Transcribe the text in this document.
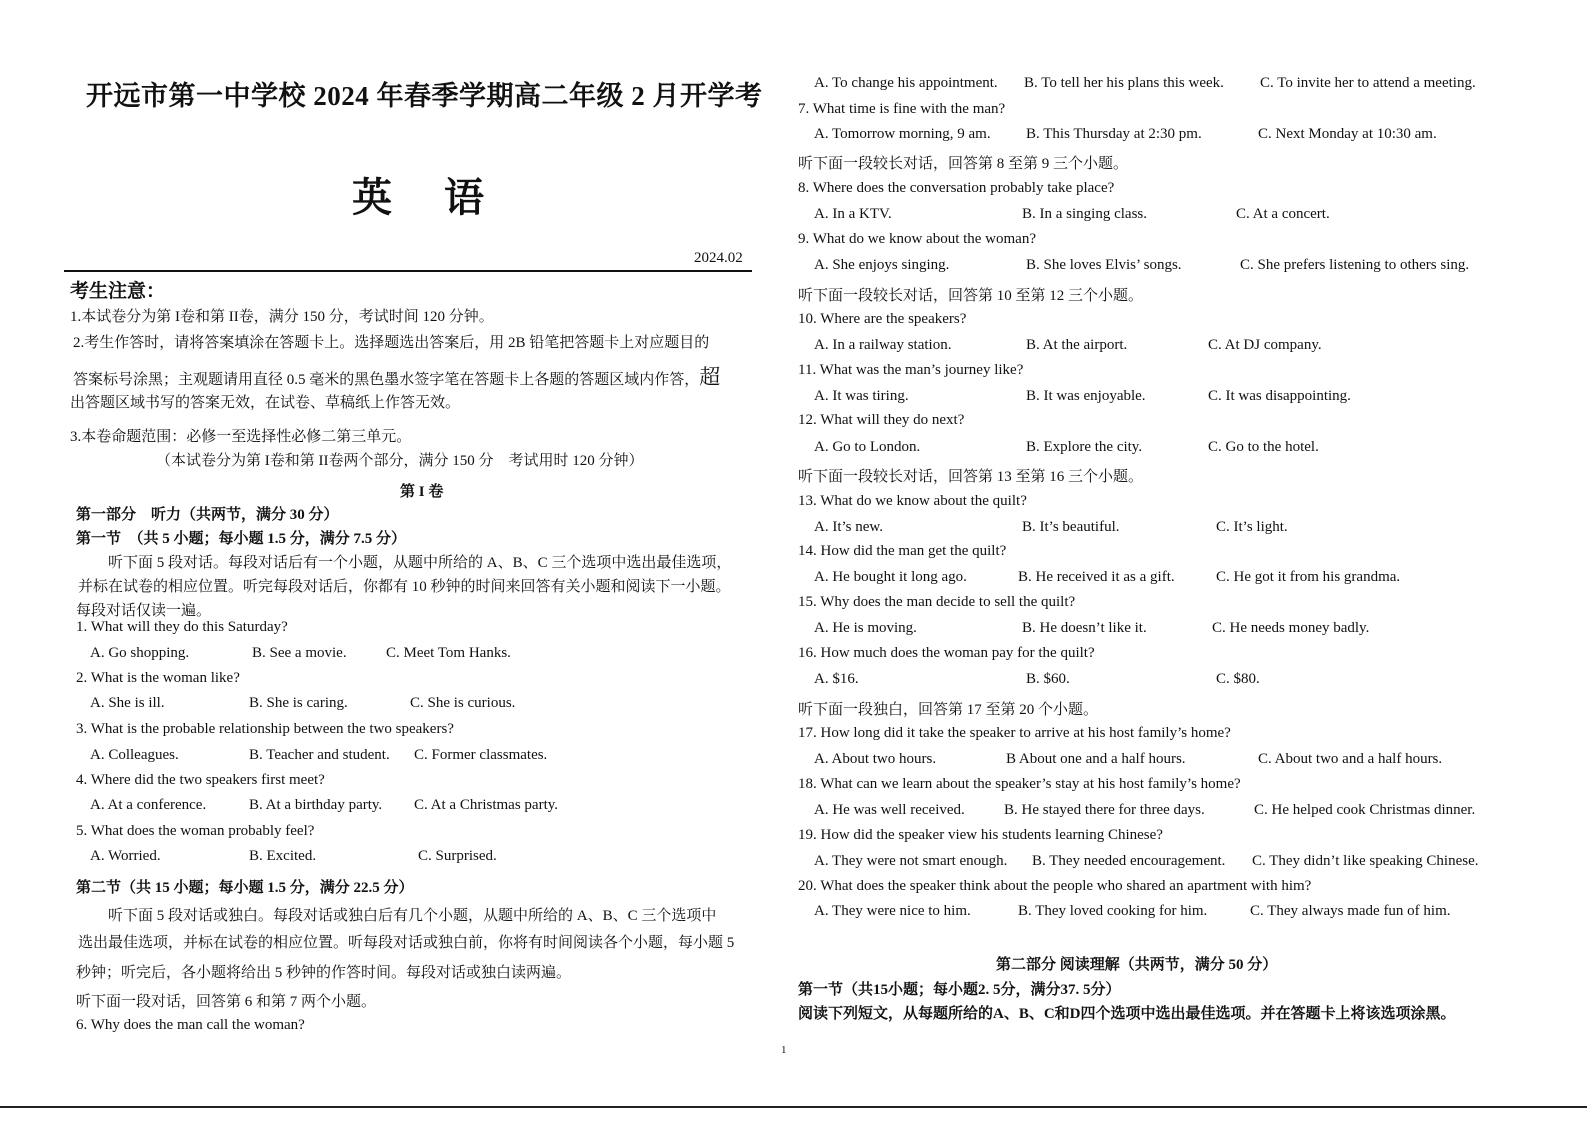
开远市第一中学校 2024 年春季学期高二年级 2 月开学考
英　语
2024.02
考生注意：
1.本试卷分为第 I卷和第 II卷，满分 150 分，考试时间 120 分钟。
2.考生作答时，请将答案填涂在答题卡上。选择题选出答案后，用 2B 铅笔把答题卡上对应题目的
答案标号涂黑；主观题请用直径 0.5 毫米的黑色墨水签字笔在答题卡上各题的答题区域内作答，超
出答题区域书写的答案无效，在试卷、草稿纸上作答无效。
3.本卷命题范围：必修一至选择性必修二第三单元。
（本试卷分为第 I卷和第 II卷两个部分，满分 150 分　考试用时 120 分钟）
第 I 卷
第一部分　听力（共两节，满分 30 分）
第一节　（共 5 小题；每小题 1.5 分，满分 7.5 分）
听下面 5 段对话。每段对话后有一个小题，从题中所给的 A、B、C 三个选项中选出最佳选项，
并标在试卷的相应位置。听完每段对话后，你都有 10 秒钟的时间来回答有关小题和阅读下一小题。
每段对话仅读一遍。
1. What will they do this Saturday?
A. Go shopping.	B. See a movie.	C. Meet Tom Hanks.
2. What is the woman like?
A. She is ill.	B. She is caring.	C. She is curious.
3. What is the probable relationship between the two speakers?
A. Colleagues.	B. Teacher and student. C. Former classmates.
4. Where did the two speakers first meet?
A. At a conference.	B. At a birthday party. C. At a Christmas party.
5. What does the woman probably feel?
A. Worried.	B. Excited.	C. Surprised.
第二节（共 15 小题；每小题 1.5 分，满分 22.5 分）
听下面 5 段对话或独白。每段对话或独白后有几个小题，从题中所给的 A、B、C 三个选项中
选出最佳选项，并标在试卷的相应位置。听每段对话或独白前，你将有时间阅读各个小题，每小题 5
秒钟；听完后，各小题将给出 5 秒钟的作答时间。每段对话或独白读两遍。
听下面一段对话，回答第 6 和第 7 两个小题。
6. Why does the man call the woman?
A. To change his appointment. B. To tell her his plans this week. C. To invite her to attend a meeting.
7. What time is fine with the man?
A. Tomorrow morning, 9 am. B. This Thursday at 2:30 pm.	C. Next Monday at 10:30 am.
听下面一段较长对话，回答第 8 至第 9 三个小题。
8. Where does the conversation probably take place?
A. In a KTV.	B. In a singing class.	C. At a concert.
9. What do we know about the woman?
A. She enjoys singing.	B. She loves Elvis’ songs.	C. She prefers listening to others sing.
听下面一段较长对话，回答第 10 至第 12 三个小题。
10. Where are the speakers?
A. In a railway station.	B. At the airport.	C. At DJ company.
11. What was the man’s journey like?
A. It was tiring.	B. It was enjoyable.	C. It was disappointing.
12. What will they do next?
A. Go to London.	B. Explore the city.	C. Go to the hotel.
听下面一段较长对话，回答第 13 至第 16 三个小题。
13. What do we know about the quilt?
A. It’s new.	B. It’s beautiful.	C. It’s light.
14. How did the man get the quilt?
A. He bought it long ago.	B. He received it as a gift.	C. He got it from his grandma.
15. Why does the man decide to sell the quilt?
A. He is moving.	B. He doesn’t like it.	C. He needs money badly.
16. How much does the woman pay for the quilt?
A. $16.	B. $60.	C. $80.
听下面一段独白，回答第 17 至第 20 个小题。
17. How long did it take the speaker to arrive at his host family’s home?
A. About two hours.	B About one and a half hours.	C. About two and a half hours.
18. What can we learn about the speaker’s stay at his host family’s home?
A. He was well received.	B. He stayed there for three days.	C. He helped cook Christmas dinner.
19. How did the speaker view his students learning Chinese?
A. They were not smart enough. B. They needed encouragement. C. They didn’t like speaking Chinese.
20. What does the speaker think about the people who shared an apartment with him?
A. They were nice to him.	B. They loved cooking for him.	C. They always made fun of him.
第二部分 阅读理解（共两节，满分 50 分）
第一节（共15小题；每小题2. 5分，满分37. 5分）
阅读下列短文，从每题所给的A、B、C和D四个选项中选出最佳选项。并在答题卡上将该选项涂黑。
1
